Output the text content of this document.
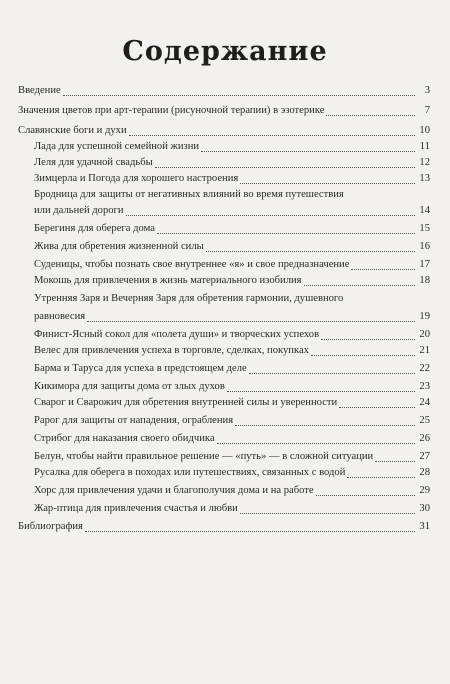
Содержание
Введение	3
Значения цветов при арт-терапии (рисуночной терапии) в эзотерике	7
Славянские боги и духи	10
Лада для успешной семейной жизни	11
Леля для удачной свадьбы	12
Зимцерла и Погода для хорошего настроения	13
Бродница для защиты от негативных влияний во время путешествия
или дальней дороги	14
Берегиня для оберега дома	15
Жива для обретения жизненной силы	16
Суденицы, чтобы познать свое внутреннее «я» и свое предназначение	17
Мокошь для привлечения в жизнь материального изобилия	18
Утренняя Заря и Вечерняя Заря для обретения гармонии, душевного
равновесия	19
Финист-Ясный сокол для «полета души» и творческих успехов	20
Велес для привлечения успеха в торговле, сделках, покупках	21
Барма и Таруса для успеха в предстоящем деле	22
Кикимора для защиты дома от злых духов	23
Сварог и Сварожич для обретения внутренней силы и уверенности	24
Рарог для защиты от нападения, ограбления	25
Стрибог для наказания своего обидчика	26
Белун, чтобы найти правильное решение — «путь» — в сложной ситуации	27
Русалка для оберега в походах или путешествиях, связанных с водой	28
Хорс для привлечения удачи и благополучия дома и на работе	29
Жар-птица для привлечения счастья и любви	30
Библиография	31
